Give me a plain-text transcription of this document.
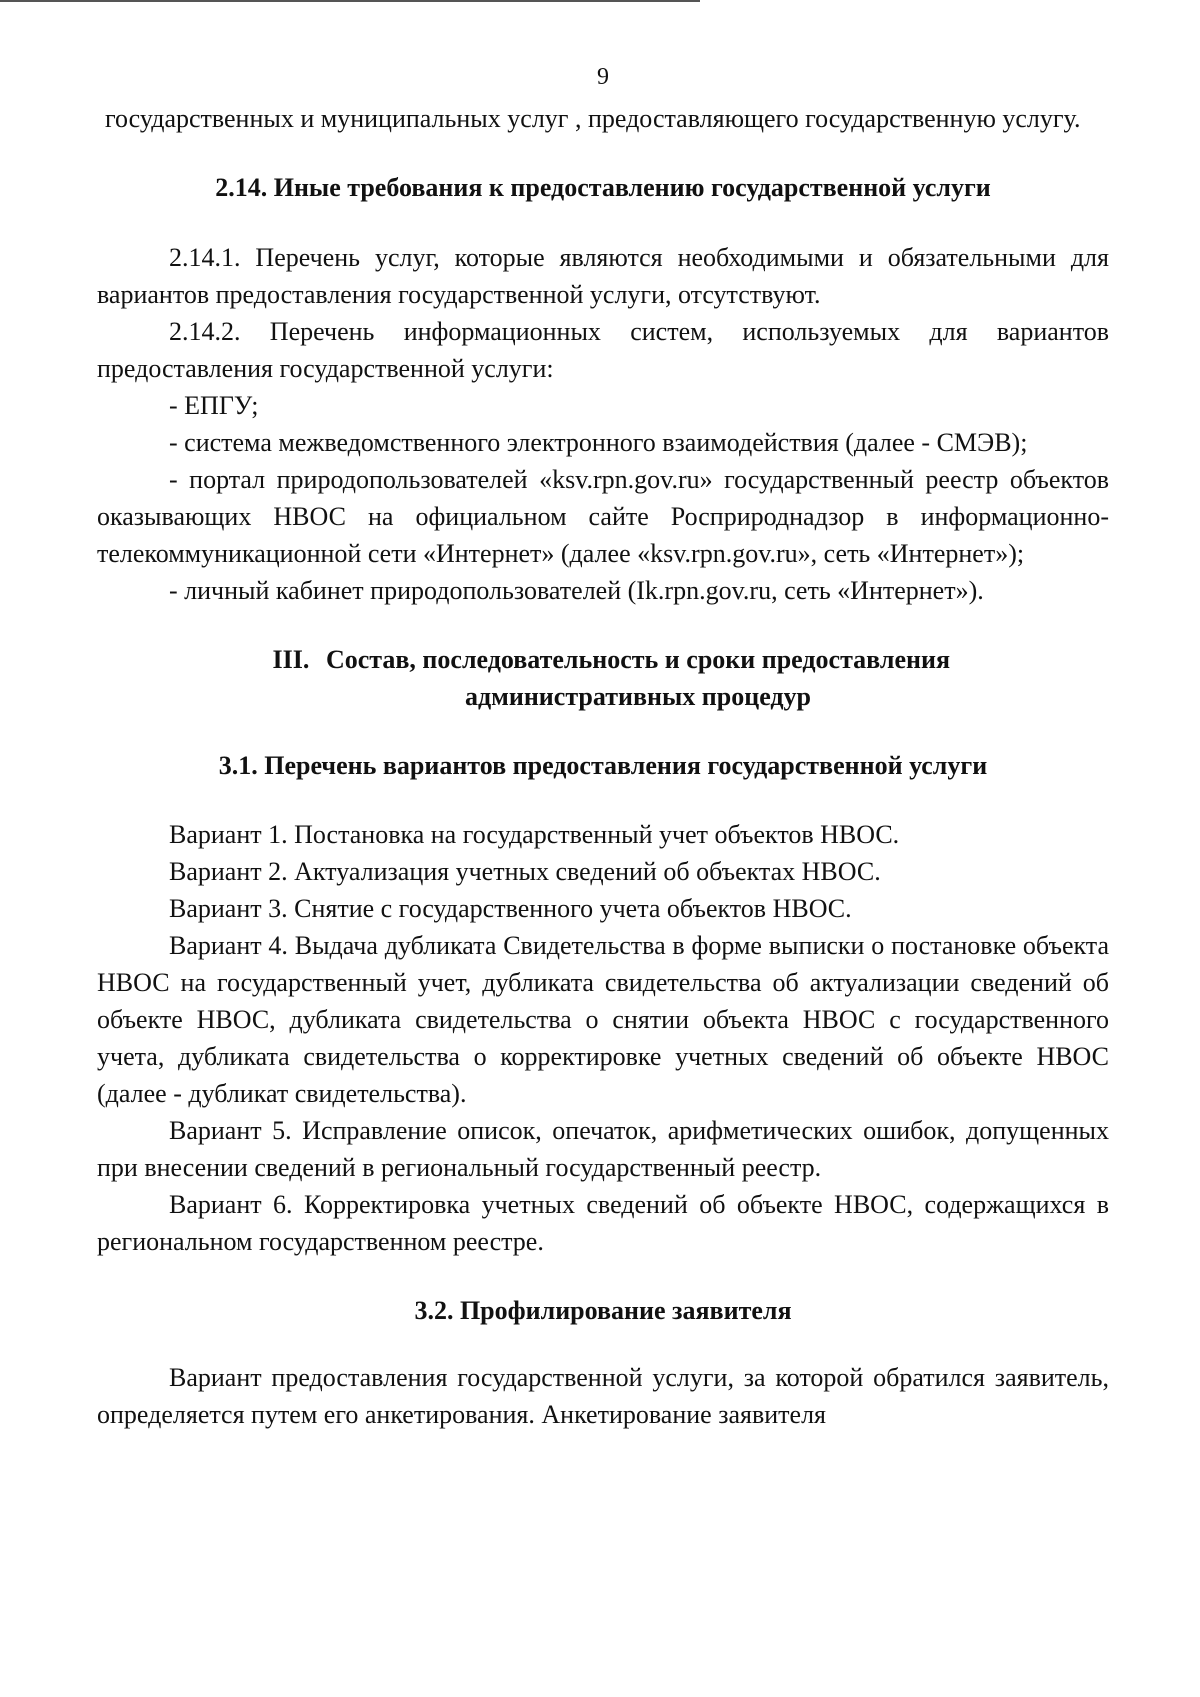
9

государственных и муниципальных услуг , предоставляющего государственную услугу.

2.14. Иные требования к предоставлению государственной услуги

2.14.1. Перечень услуг, которые являются необходимыми и обязательными для вариантов предоставления государственной услуги, отсутствуют.

2.14.2. Перечень информационных систем, используемых для вариантов предоставления государственной услуги:

- ЕПГУ;

- система межведомственного электронного взаимодействия (далее - СМЭВ);

- портал природопользователей «ksv.rpn.gov.ru» государственный реестр объектов оказывающих НВОС на официальном сайте Росприроднадзор в информационно-телекоммуникационной сети «Интернет» (далее «ksv.rpn.gov.ru», сеть «Интернет»);

- личный кабинет природопользователей (Ik.rpn.gov.ru, сеть «Интернет»).

III. Состав, последовательность и сроки предоставления
административных процедур
3.1. Перечень вариантов предоставления государственной услуги

Вариант 1. Постановка на государственный учет объектов НВОС.

Вариант 2. Актуализация учетных сведений об объектах НВОС.

Вариант 3. Снятие с государственного учета объектов НВОС.

Вариант 4. Выдача дубликата Свидетельства в форме выписки о постановке объекта НВОС на государственный учет, дубликата свидетельства об актуализации сведений об объекте НВОС, дубликата свидетельства о снятии объекта НВОС с государственного учета, дубликата свидетельства о корректировке учетных сведений об объекте НВОС (далее - дубликат свидетельства).

Вариант 5. Исправление описок, опечаток, арифметических ошибок, допущенных при внесении сведений в региональный государственный реестр.

Вариант 6. Корректировка учетных сведений об объекте НВОС, содержащихся в региональном государственном реестре.

3.2. Профилирование заявителя

Вариант предоставления государственной услуги, за которой обратился заявитель, определяется путем его анкетирования. Анкетирование заявителя
